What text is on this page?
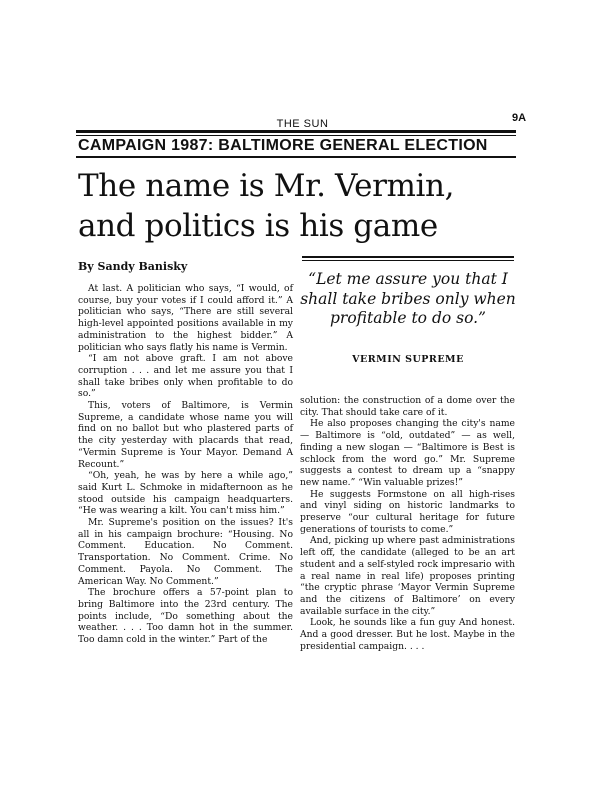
THE SUN	9A
CAMPAIGN 1987: BALTIMORE GENERAL ELECTION
The name is Mr. Vermin,
and politics is his game
By Sandy Banisky

At last. A politician who says, “I would, of course, buy your votes if I could afford it.” A politician who says, “There are still several high-level appointed positions available in my administration to the highest bidder.” A politician who says flatly his name is Vermin.

“I am not above graft. I am not above corruption . . . and let me assure you that I shall take bribes only when profitable to do so.”

This, voters of Baltimore, is Vermin Supreme, a candidate whose name you will find on no ballot but who plastered parts of the city yesterday with placards that read, “Vermin Supreme is Your Mayor. Demand A Recount.”

“Oh, yeah, he was by here a while ago,” said Kurt L. Schmoke in midafternoon as he stood outside his campaign headquarters. “He was wearing a kilt. You can't miss him.”

Mr. Supreme's position on the issues? It's all in his campaign brochure: “Housing. No Comment. Education. No Comment. Transportation. No Comment. Crime. No Comment. Payola. No Comment. The American Way. No Comment.”

The brochure offers a 57-point plan to bring Baltimore into the 23rd century. The points include, “Do something about the weather. . . . Too damn hot in the summer. Too damn cold in the winter.” Part of the

“Let me assure you that I shall take bribes only when profitable to do so.”
VERMIN SUPREME

solution: the construction of a dome over the city. That should take care of it.

He also proposes changing the city's name — Baltimore is “old, outdated” — as well, finding a new slogan — “Baltimore is Best is schlock from the word go.” Mr. Supreme suggests a contest to dream up a “snappy new name.” “Win valuable prizes!”

He suggests Formstone on all high-rises and vinyl siding on historic landmarks to preserve “our cultural heritage for future generations of tourists to come.”

And, picking up where past administrations left off, the candidate (alleged to be an art student and a self-styled rock impresario with a real name in real life) proposes printing “the cryptic phrase ‘Mayor Vermin Supreme and the citizens of Baltimore’ on every available surface in the city.”

Look, he sounds like a fun guy And honest. And a good dresser. But he lost. Maybe in the presidential campaign. . . .
